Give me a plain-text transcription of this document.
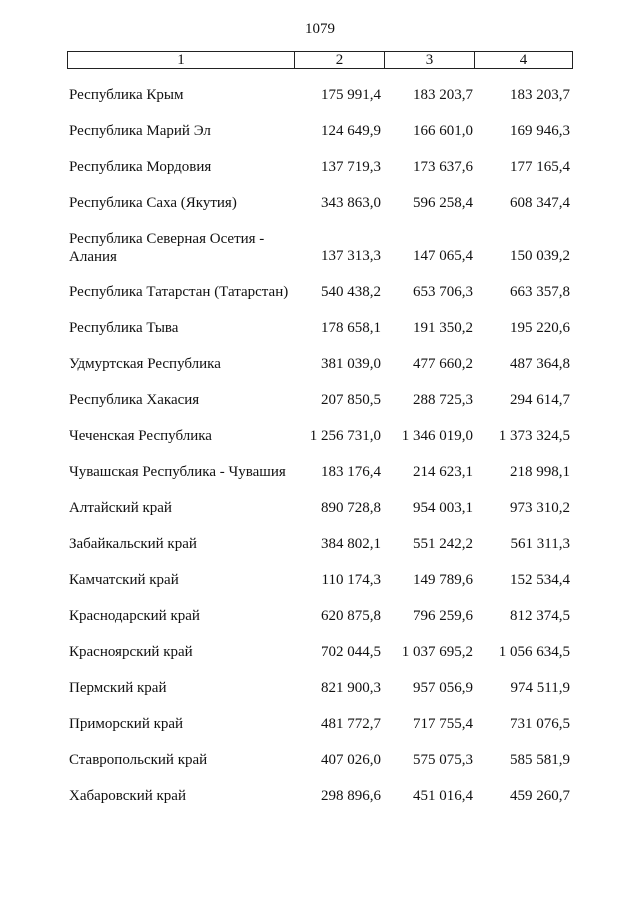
1079
1	2	3	4
Республика Крым	175 991,4 183 203,7 183 203,7
Республика Марий Эл	124 649,9 166 601,0 169 946,3
Республика Мордовия	137 719,3 173 637,6 177 165,4
Республика Саха (Якутия)	343 863,0 596 258,4 608 347,4
Республика Северная Осетия - Алания	137 313,3 147 065,4 150 039,2
Республика Татарстан (Татарстан)	540 438,2 653 706,3 663 357,8
Республика Тыва	178 658,1 191 350,2 195 220,6
Удмуртская Республика	381 039,0 477 660,2 487 364,8
Республика Хакасия	207 850,5 288 725,3 294 614,7
Чеченская Республика	1 256 731,0 1 346 019,0 1 373 324,5
Чувашская Республика - Чувашия	183 176,4 214 623,1 218 998,1
Алтайский край	890 728,8 954 003,1 973 310,2
Забайкальский край	384 802,1 551 242,2	561 311,3
Камчатский край	110 174,3 149 789,6 152 534,4
Краснодарский край	620 875,8 796 259,6 812 374,5
Красноярский край	702 044,5 1 037 695,2 1 056 634,5
Пермский край	821 900,3 957 056,9	974 511,9
Приморский край	481 772,7 717 755,4 731 076,5
Ставропольский край	407 026,0 575 075,3 585 581,9
Хабаровский край	298 896,6 451 016,4 459 260,7
